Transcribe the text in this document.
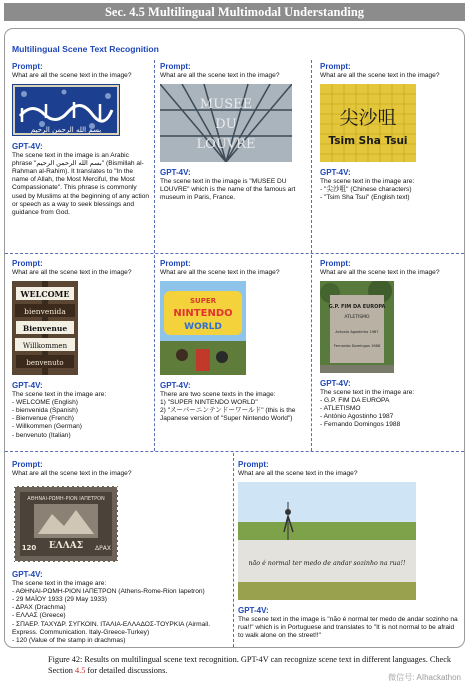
Sec. 4.5 Multilingual Multimodal Understanding
Multilingual Scene Text Recognition
Prompt:
What are all the scene text in the image?
بسم الله الرحمن الرحيم
GPT-4V:
The scene text in the image is an Arabic phrase "بسم الله الرحمن الرحيم" (Bismillah al-Rahman al-Rahim). It translates to "In the name of Allah, the Most Merciful, the Most Compassionate". This phrase is commonly used by Muslims at the beginning of any action or speech as a way to seek blessings and guidance from God.
Prompt:
What are all the scene text in the image?
MUSEE
DU
LOUVRE
GPT-4V:
The scene text in the image is "MUSEE DU LOUVRE" which is the name of the famous art museum in Paris, France.
Prompt:
What are all the scene text in the image?
尖沙咀
Tsim Sha Tsui
GPT-4V:
The scene text in the image are:
- "尖沙咀" (Chinese characters)
- "Tsim Sha Tsui" (English text)
Prompt:
What are all the scene text in the image?
WELCOME
bienvenida
Bienvenue
Willkommen
benvenuto
GPT-4V:
The scene text in the image are:
- WELCOME (English)
- bienvenida (Spanish)
- Bienvenue (French)
- Willkommen (German)
- benvenuto (Italian)
Prompt:
What are all the scene text in the image?
SUPER
NINTENDO
WORLD
GPT-4V:
There are two scene texts in the image:
1) "SUPER NINTENDO WORLD"
2) "スーパーニンテンドーワールド" (this is the Japanese version of "Super Nintendo World")
Prompt:
What are all the scene text in the image?
G.P. FIM DA EUROPA
ATLETISMO
Antonio Agostinho 1987
Fernando Domingos 1988
GPT-4V:
The scene text in the image are:
- G.P. FIM DA EUROPA
- ATLETISMO
- António Agostinho 1987
- Fernando Domingos 1988
Prompt:
What are all the scene text in the image?
ΑΘΗΝΑΙ-ΡΩΜΗ-ΡΙΟΝ ΙΑΠΕΤΡΟΝ
ΕΛΛΑΣ
120	ΔΡΑΧ
GPT-4V:
The scene text in the image are:
- ΑΘΗΝΑΙ-ΡΩΜΗ-ΡΙΟΝ ΙΑΠΕΤΡΟΝ (Athens-Rome-Rion Iapetron)
- 29 ΜΑΪΟΥ 1933 (29 May 1933)
- ΔΡΑΧ (Drachma)
- ΕΛΛΑΣ (Greece)
- ΣΠΑΕΡ. ΤΑΧΥΔΡ. ΣΥΓΚΟΙΝ. ΙΤΑΛΙΑ-ΕΛΛΑΔΟΣ-ΤΟΥΡΚΙΑ (Airmail. Express. Communication. Italy-Greece-Turkey)
- 120 (Value of the stamp in drachmas)
Prompt:
What are all the scene text in the image?
não é normal ter medo de andar sozinho na rua!!
GPT-4V:
The scene text in the image is "não é normal ter medo de andar sozinho na rua!!" which is in Portuguese and translates to "It is not normal to be afraid to walk alone on the street!!"
Figure 42: Results on multilingual scene text recognition. GPT-4V can recognize scene text in different languages. Check Section 4.5 for detailed discussions.
微信号: AIhackathon
